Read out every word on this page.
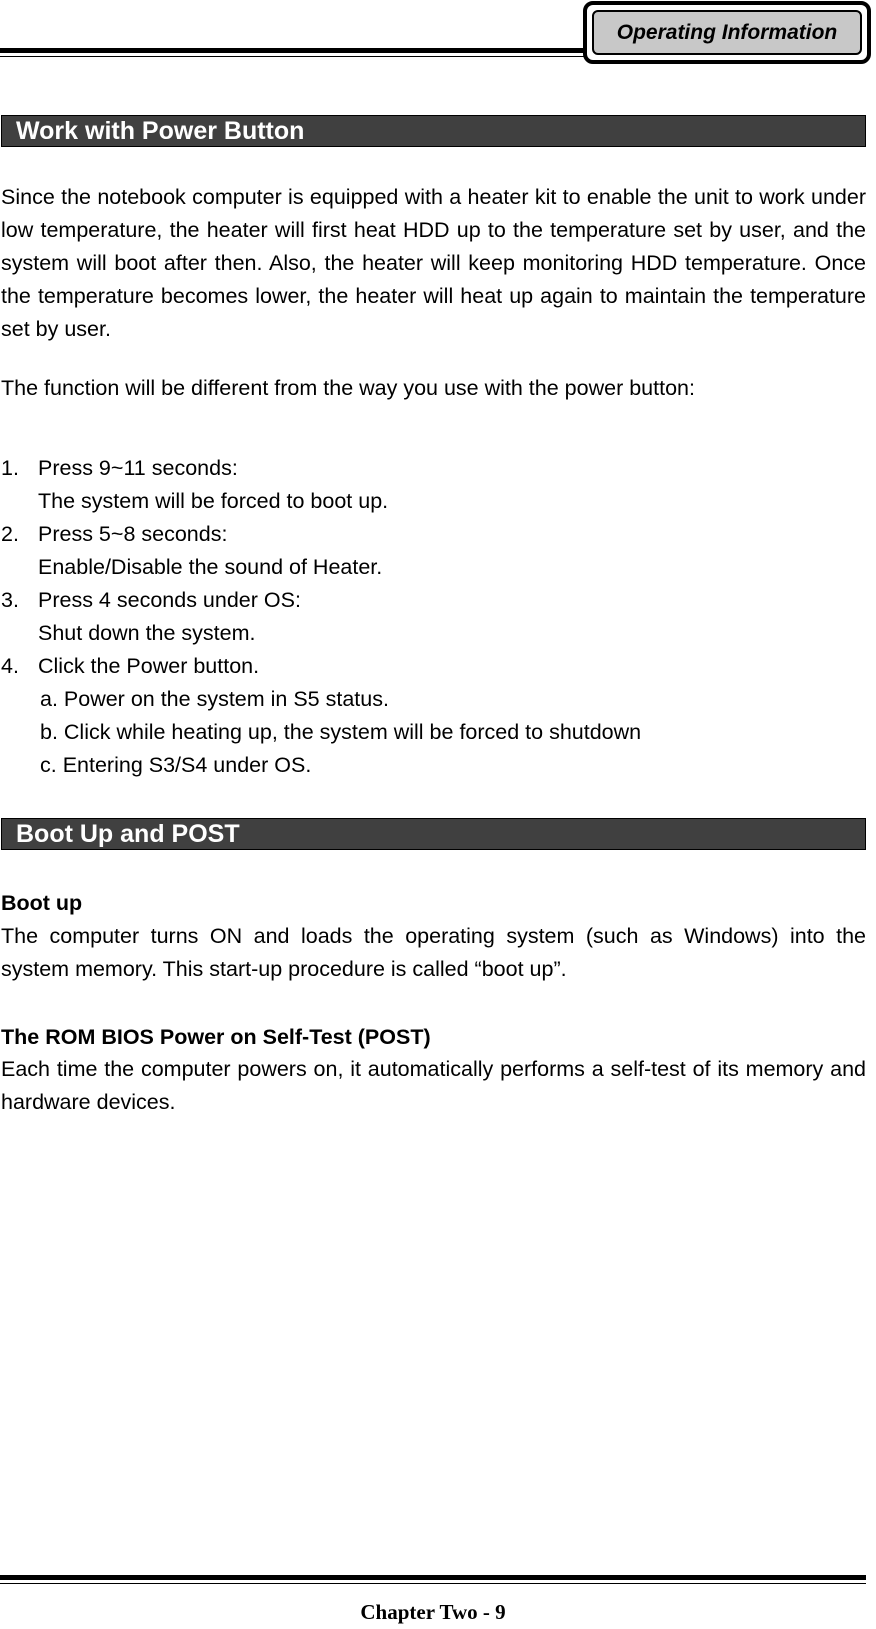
Operating Information
Work with Power Button

Since the notebook computer is equipped with a heater kit to enable the unit to work under low temperature, the heater will first heat HDD up to the temperature set by user, and the system will boot after then. Also, the heater will keep monitoring HDD temperature. Once the temperature becomes lower, the heater will heat up again to maintain the temperature set by user.

The function will be different from the way you use with the power button:

1. Press 9~11 seconds:
The system will be forced to boot up.
2. Press 5~8 seconds:
Enable/Disable the sound of Heater.
3. Press 4 seconds under OS:
Shut down the system.
4. Click the Power button.
a. Power on the system in S5 status.
b. Click while heating up, the system will be forced to shutdown
c. Entering S3/S4 under OS.
Boot Up and POST
Boot up

The computer turns ON and loads the operating system (such as Windows) into the system memory. This start-up procedure is called “boot up”.

The ROM BIOS Power on Self-Test (POST)

Each time the computer powers on, it automatically performs a self-test of its memory and hardware devices.

Chapter Two - 9
